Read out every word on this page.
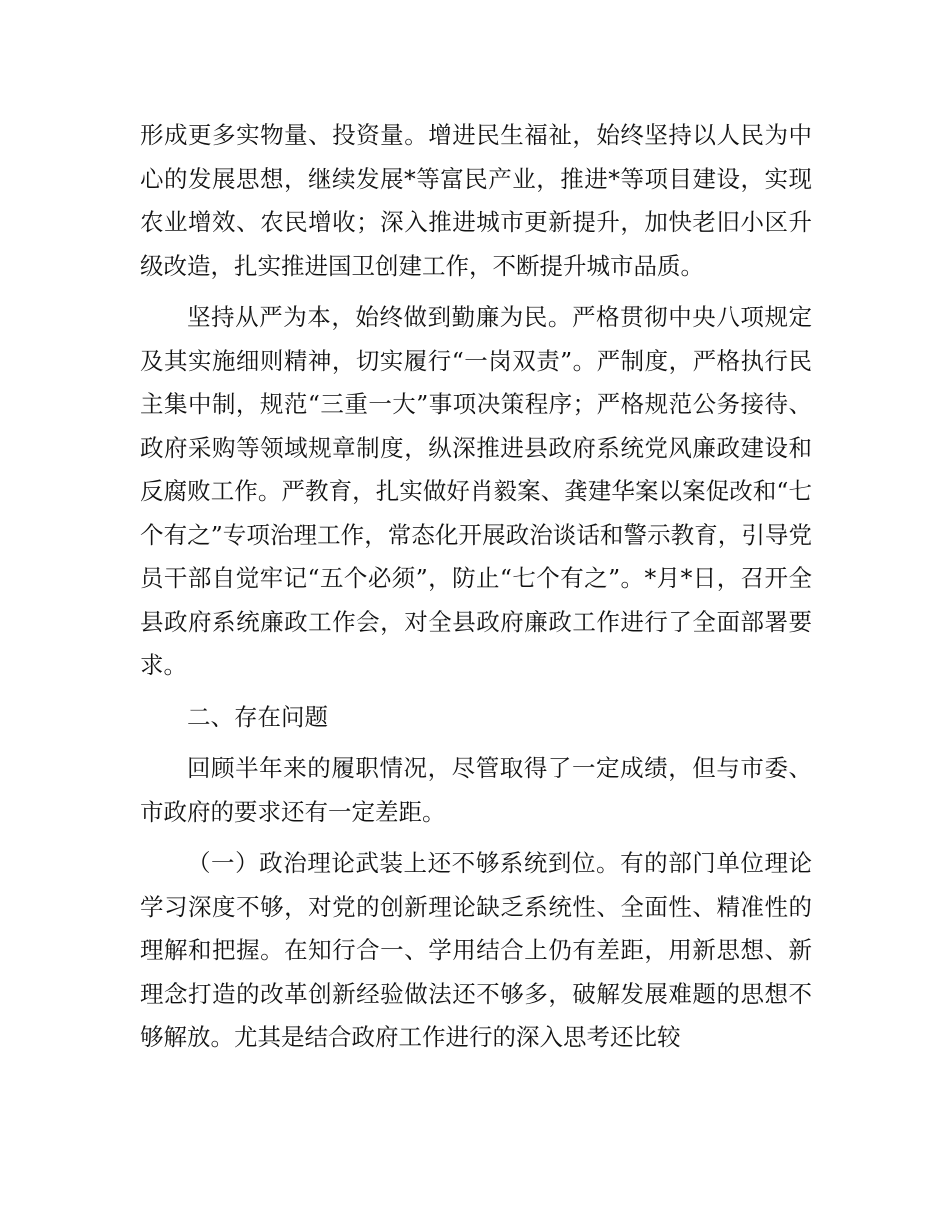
形成更多实物量、投资量。增进民生福祉，始终坚持以人民为中心的发展思想，继续发展*等富民产业，推进*等项目建设，实现农业增效、农民增收；深入推进城市更新提升，加快老旧小区升级改造，扎实推进国卫创建工作，不断提升城市品质。

坚持从严为本，始终做到勤廉为民。严格贯彻中央八项规定及其实施细则精神，切实履行“一岗双责”。严制度，严格执行民主集中制，规范“三重一大”事项决策程序；严格规范公务接待、政府采购等领域规章制度，纵深推进县政府系统党风廉政建设和反腐败工作。严教育，扎实做好肖毅案、龚建华案以案促改和“七个有之”专项治理工作，常态化开展政治谈话和警示教育，引导党员干部自觉牢记“五个必须”，防止“七个有之”。*月*日，召开全县政府系统廉政工作会，对全县政府廉政工作进行了全面部署要求。

二、存在问题

回顾半年来的履职情况，尽管取得了一定成绩，但与市委、市政府的要求还有一定差距。

（一）政治理论武装上还不够系统到位。有的部门单位理论学习深度不够，对党的创新理论缺乏系统性、全面性、精准性的理解和把握。在知行合一、学用结合上仍有差距，用新思想、新理念打造的改革创新经验做法还不够多，破解发展难题的思想不够解放。尤其是结合政府工作进行的深入思考还比较
